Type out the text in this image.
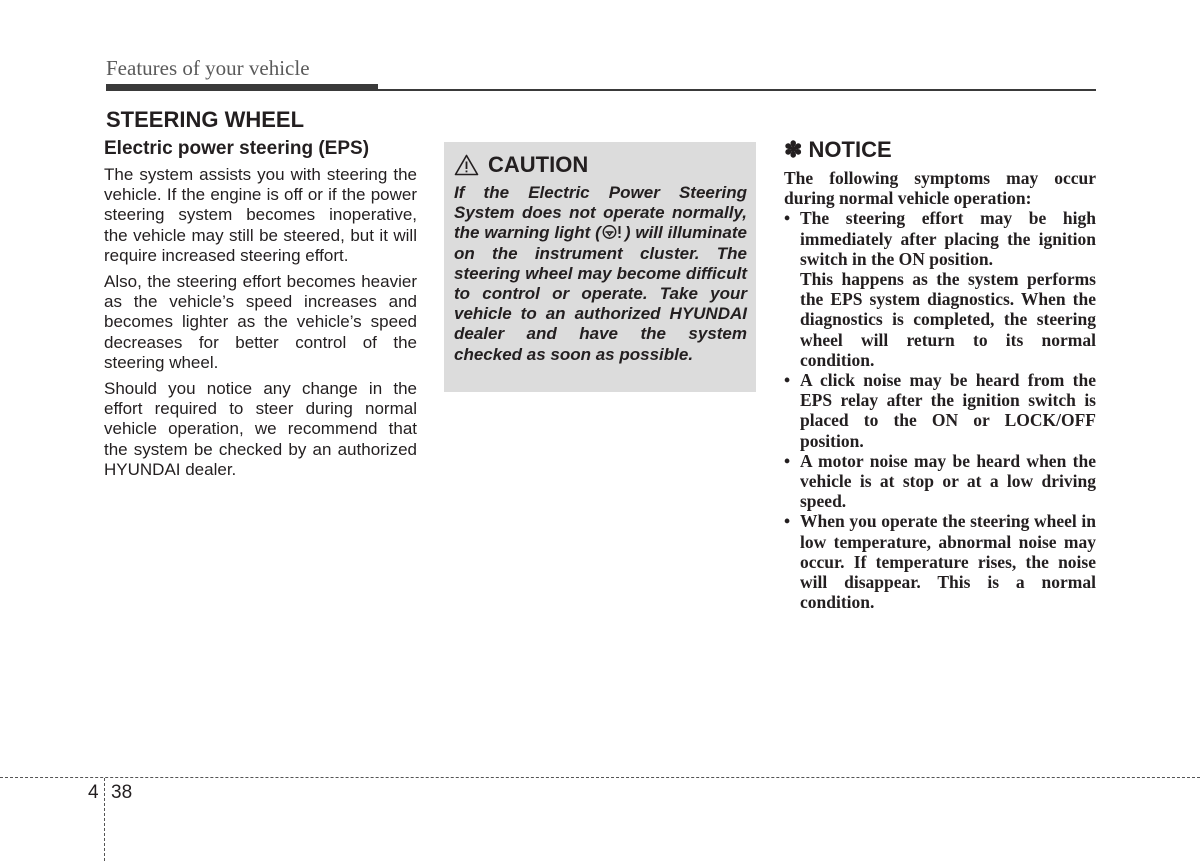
Features of your vehicle
STEERING WHEEL
Electric power steering (EPS)

The system assists you with steering the vehicle. If the engine is off or if the power steering system becomes inoperative, the vehicle may still be steered, but it will require increased steering effort.

Also, the steering effort becomes heavier as the vehicle’s speed increases and becomes lighter as the vehicle’s speed decreases for better control of the steering wheel.

Should you notice any change in the effort required to steer during normal vehicle operation, we recommend that the system be checked by an authorized HYUNDAI dealer.

CAUTION

If the Electric Power Steering System does not operate normally, the warning light ( ) will illuminate on the instrument cluster. The steering wheel may become difficult to control or operate. Take your vehicle to an authorized HYUNDAI dealer and have the system checked as soon as possible.

✽ NOTICE

The following symptoms may occur during normal vehicle operation:

• The steering effort may be high immediately after placing the ignition switch in the ON position.
This happens as the system performs the EPS system diagnostics. When the diagnostics is completed, the steering wheel will return to its normal condition.
• A click noise may be heard from the EPS relay after the ignition switch is placed to the ON or LOCK/OFF position.
• A motor noise may be heard when the vehicle is at stop or at a low driving speed.
• When you operate the steering wheel in low temperature, abnormal noise may occur. If temperature rises, the noise will disappear. This is a normal condition.
4 38
